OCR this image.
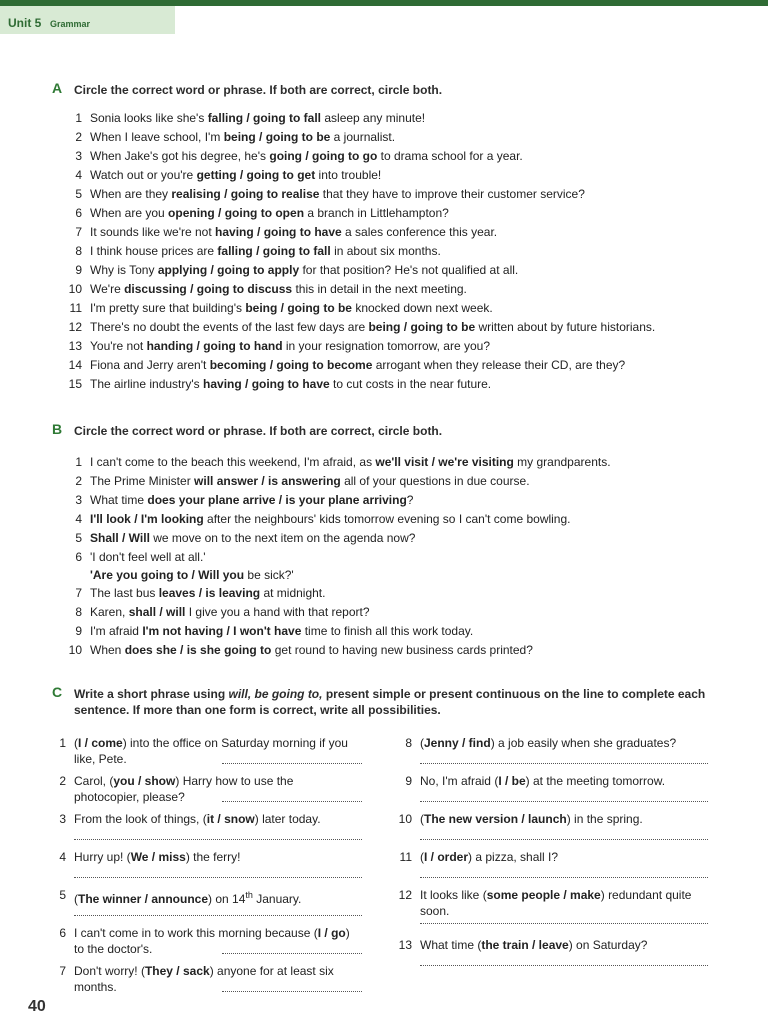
Unit 5 Grammar
A Circle the correct word or phrase. If both are correct, circle both.
1 Sonia looks like she's falling / going to fall asleep any minute!
2 When I leave school, I'm being / going to be a journalist.
3 When Jake's got his degree, he's going / going to go to drama school for a year.
4 Watch out or you're getting / going to get into trouble!
5 When are they realising / going to realise that they have to improve their customer service?
6 When are you opening / going to open a branch in Littlehampton?
7 It sounds like we're not having / going to have a sales conference this year.
8 I think house prices are falling / going to fall in about six months.
9 Why is Tony applying / going to apply for that position? He's not qualified at all.
10 We're discussing / going to discuss this in detail in the next meeting.
11 I'm pretty sure that building's being / going to be knocked down next week.
12 There's no doubt the events of the last few days are being / going to be written about by future historians.
13 You're not handing / going to hand in your resignation tomorrow, are you?
14 Fiona and Jerry aren't becoming / going to become arrogant when they release their CD, are they?
15 The airline industry's having / going to have to cut costs in the near future.
B Circle the correct word or phrase. If both are correct, circle both.
1 I can't come to the beach this weekend, I'm afraid, as we'll visit / we're visiting my grandparents.
2 The Prime Minister will answer / is answering all of your questions in due course.
3 What time does your plane arrive / is your plane arriving?
4 I'll look / I'm looking after the neighbours' kids tomorrow evening so I can't come bowling.
5 Shall / Will we move on to the next item on the agenda now?
6 'I don't feel well at all.'
'Are you going to / Will you be sick?'
7 The last bus leaves / is leaving at midnight.
8 Karen, shall / will I give you a hand with that report?
9 I'm afraid I'm not having / I won't have time to finish all this work today.
10 When does she / is she going to get round to having new business cards printed?
C Write a short phrase using will, be going to, present simple or present continuous on the line to complete each sentence. If more than one form is correct, write all possibilities.
1 (I / come) into the office on Saturday morning if you like, Pete.
2 Carol, (you / show) Harry how to use the photocopier, please?
3 From the look of things, (it / snow) later today.
4 Hurry up! (We / miss) the ferry!
5 (The winner / announce) on 14th January.
6 I can't come in to work this morning because (I / go) to the doctor's.
7 Don't worry! (They / sack) anyone for at least six months.
8 (Jenny / find) a job easily when she graduates?
9 No, I'm afraid (I / be) at the meeting tomorrow.
10 (The new version / launch) in the spring.
11 (I / order) a pizza, shall I?
12 It looks like (some people / make) redundant quite soon.
13 What time (the train / leave) on Saturday?
40
